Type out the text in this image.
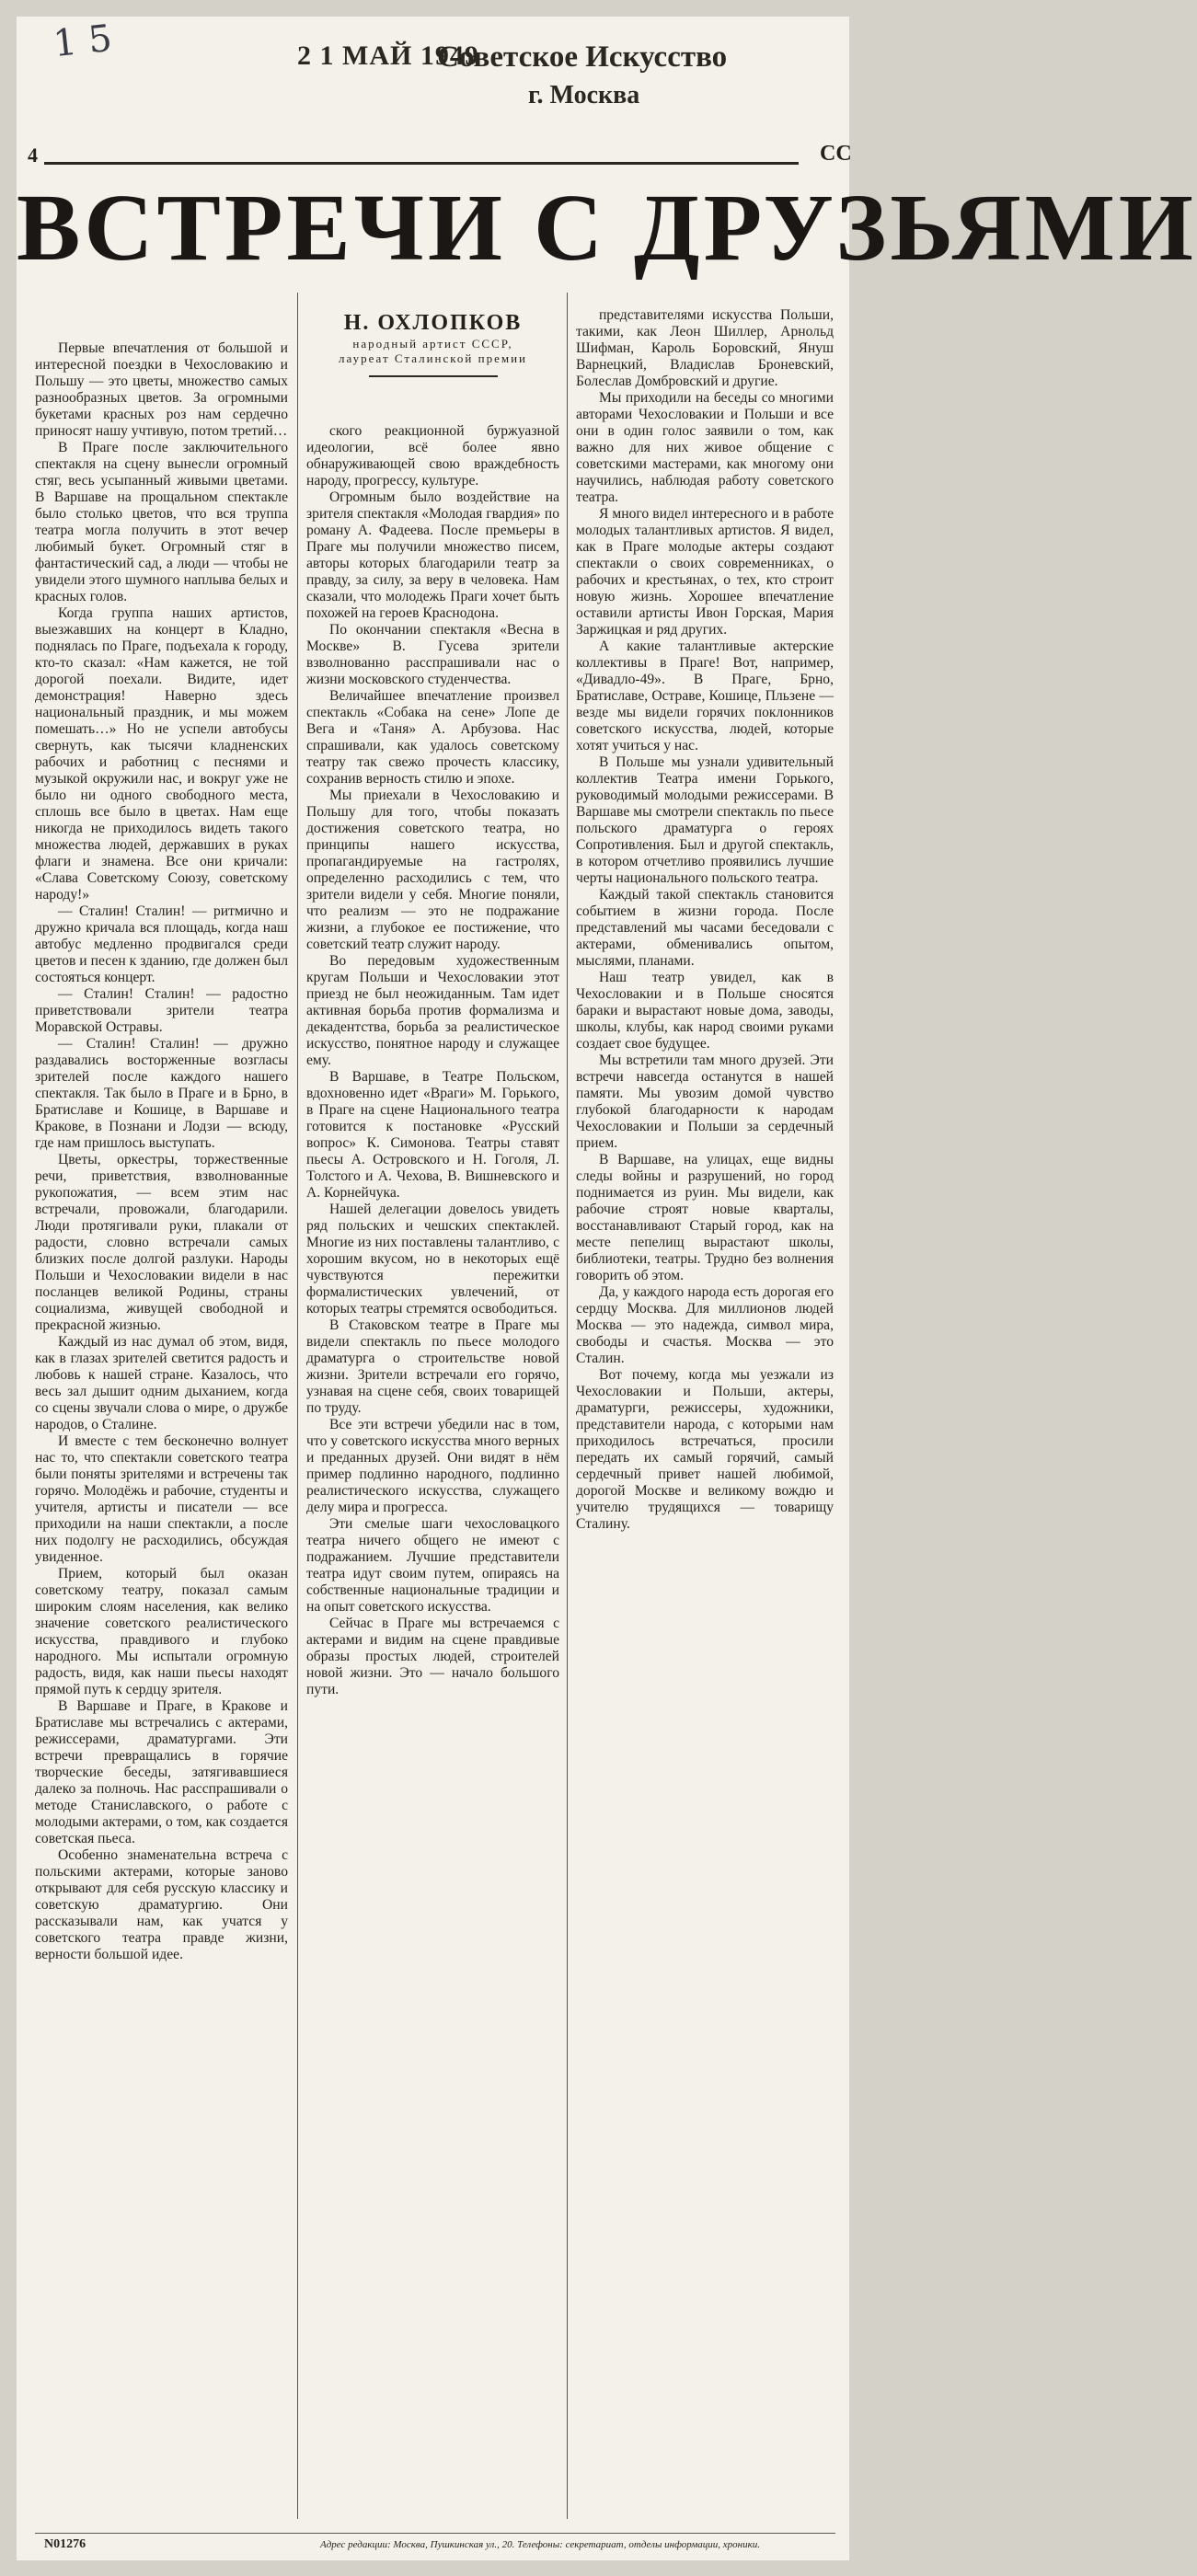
1 5	2 1 МАЙ 1949
Советское Искусство
г. Москва
4	СС
ВСТРЕЧИ С ДРУЗЬЯМИ
Н. ОХЛОПКОВ
народный артист СССР,
лауреат Сталинской премии

Первые впечатления от большой и интересной поездки в Чехословакию и Польшу — это цветы, множество самых разнообразных цветов. За огромными букетами красных роз нам сердечно приносят нашу учтивую, потом третий…

В Праге после заключительного спектакля на сцену вынесли огромный стяг, весь усыпанный живыми цветами. В Варшаве на прощальном спектакле было столько цветов, что вся труппа театра могла получить в этот вечер любимый букет. Огромный стяг в фантастический сад, а люди — чтобы не увидели этого шумного наплыва белых и красных голов.

Когда группа наших артистов, выезжавших на концерт в Кладно, поднялась по Праге, подъехала к городу, кто-то сказал: «Нам кажется, не той дорогой поехали. Видите, идет демонстрация! Наверно здесь национальный праздник, и мы можем помешать…» Но не успели автобусы свернуть, как тысячи кладненских рабочих и работниц с песнями и музыкой окружили нас, и вокруг уже не было ни одного свободного места, сплошь все было в цветах. Нам еще никогда не приходилось видеть такого множества людей, державших в руках флаги и знамена. Все они кричали: «Слава Советскому Союзу, советскому народу!»

— Сталин! Сталин! — ритмично и дружно кричала вся площадь, когда наш автобус медленно продвигался среди цветов и песен к зданию, где должен был состояться концерт.

— Сталин! Сталин! — радостно приветствовали зрители театра Моравской Остравы.

— Сталин! Сталин! — дружно раздавались восторженные возгласы зрителей после каждого нашего спектакля. Так было в Праге и в Брно, в Братиславе и Кошице, в Варшаве и Кракове, в Познани и Лодзи — всюду, где нам пришлось выступать.

Цветы, оркестры, торжественные речи, приветствия, взволнованные рукопожатия, — всем этим нас встречали, провожали, благодарили. Люди протягивали руки, плакали от радости, словно встречали самых близких после долгой разлуки. Народы Польши и Чехословакии видели в нас посланцев великой Родины, страны социализма, живущей свободной и прекрасной жизнью.

Каждый из нас думал об этом, видя, как в глазах зрителей светится радость и любовь к нашей стране. Казалось, что весь зал дышит одним дыханием, когда со сцены звучали слова о мире, о дружбе народов, о Сталине.

И вместе с тем бесконечно волнует нас то, что спектакли советского театра были поняты зрителями и встречены так горячо. Молодёжь и рабочие, студенты и учителя, артисты и писатели — все приходили на наши спектакли, а после них подолгу не расходились, обсуждая увиденное.

Прием, который был оказан советскому театру, показал самым широким слоям населения, как велико значение советского реалистического искусства, правдивого и глубоко народного. Мы испытали огромную радость, видя, как наши пьесы находят прямой путь к сердцу зрителя.

В Варшаве и Праге, в Кракове и Братиславе мы встречались с актерами, режиссерами, драматургами. Эти встречи превращались в горячие творческие беседы, затягивавшиеся далеко за полночь. Нас расспрашивали о методе Станиславского, о работе с молодыми актерами, о том, как создается советская пьеса.

Особенно знаменательна встреча с польскими актерами, которые заново открывают для себя русскую классику и советскую драматургию. Они рассказывали нам, как учатся у советского театра правде жизни, верности большой идее.

ского реакционной буржуазной идеологии, всё более явно обнаруживающей свою враждебность народу, прогрессу, культуре.

Огромным было воздействие на зрителя спектакля «Молодая гвардия» по роману А. Фадеева. После премьеры в Праге мы получили множество писем, авторы которых благодарили театр за правду, за силу, за веру в человека. Нам сказали, что молодежь Праги хочет быть похожей на героев Краснодона.

По окончании спектакля «Весна в Москве» В. Гусева зрители взволнованно расспрашивали нас о жизни московского студенчества.

Величайшее впечатление произвел спектакль «Собака на сене» Лопе де Вега и «Таня» А. Арбузова. Нас спрашивали, как удалось советскому театру так свежо прочесть классику, сохранив верность стилю и эпохе.

Мы приехали в Чехословакию и Польшу для того, чтобы показать достижения советского театра, но принципы нашего искусства, пропагандируемые на гастролях, определенно расходились с тем, что зрители видели у себя. Многие поняли, что реализм — это не подражание жизни, а глубокое ее постижение, что советский театр служит народу.

Во передовым художественным кругам Польши и Чехословакии этот приезд не был неожиданным. Там идет активная борьба против формализма и декадентства, борьба за реалистическое искусство, понятное народу и служащее ему.

В Варшаве, в Театре Польском, вдохновенно идет «Враги» М. Горького, в Праге на сцене Национального театра готовится к постановке «Русский вопрос» К. Симонова. Театры ставят пьесы А. Островского и Н. Гоголя, Л. Толстого и А. Чехова, В. Вишневского и А. Корнейчука.

Нашей делегации довелось увидеть ряд польских и чешских спектаклей. Многие из них поставлены талантливо, с хорошим вкусом, но в некоторых ещё чувствуются пережитки формалистических увлечений, от которых театры стремятся освободиться.

В Стаковском театре в Праге мы видели спектакль по пьесе молодого драматурга о строительстве новой жизни. Зрители встречали его горячо, узнавая на сцене себя, своих товарищей по труду.

Все эти встречи убедили нас в том, что у советского искусства много верных и преданных друзей. Они видят в нём пример подлинно народного, подлинно реалистического искусства, служащего делу мира и прогресса.

Эти смелые шаги чехословацкого театра ничего общего не имеют с подражанием. Лучшие представители театра идут своим путем, опираясь на собственные национальные традиции и на опыт советского искусства.

Сейчас в Праге мы встречаемся с актерами и видим на сцене правдивые образы простых людей, строителей новой жизни. Это — начало большого пути.

представителями искусства Польши, такими, как Леон Шиллер, Арнольд Шифман, Кароль Боровский, Януш Варнецкий, Владислав Броневский, Болеслав Домбровский и другие.

Мы приходили на беседы со многими авторами Чехословакии и Польши и все они в один голос заявили о том, как важно для них живое общение с советскими мастерами, как многому они научились, наблюдая работу советского театра.

Я много видел интересного и в работе молодых талантливых артистов. Я видел, как в Праге молодые актеры создают спектакли о своих современниках, о рабочих и крестьянах, о тех, кто строит новую жизнь. Хорошее впечатление оставили артисты Ивон Горская, Мария Заржицкая и ряд других.

А какие талантливые актерские коллективы в Праге! Вот, например, «Дивадло-49». В Праге, Брно, Братиславе, Остраве, Кошице, Пльзене — везде мы видели горячих поклонников советского искусства, людей, которые хотят учиться у нас.

В Польше мы узнали удивительный коллектив Театра имени Горького, руководимый молодыми режиссерами. В Варшаве мы смотрели спектакль по пьесе польского драматурга о героях Сопротивления. Был и другой спектакль, в котором отчетливо проявились лучшие черты национального польского театра.

Каждый такой спектакль становится событием в жизни города. После представлений мы часами беседовали с актерами, обменивались опытом, мыслями, планами.

Наш театр увидел, как в Чехословакии и в Польше сносятся бараки и вырастают новые дома, заводы, школы, клубы, как народ своими руками создает свое будущее.

Мы встретили там много друзей. Эти встречи навсегда останутся в нашей памяти. Мы увозим домой чувство глубокой благодарности к народам Чехословакии и Польши за сердечный прием.

В Варшаве, на улицах, еще видны следы войны и разрушений, но город поднимается из руин. Мы видели, как рабочие строят новые кварталы, восстанавливают Старый город, как на месте пепелищ вырастают школы, библиотеки, театры. Трудно без волнения говорить об этом.

Да, у каждого народа есть дорогая его сердцу Москва. Для миллионов людей Москва — это надежда, символ мира, свободы и счастья. Москва — это Сталин.

Вот почему, когда мы уезжали из Чехословакии и Польши, актеры, драматурги, режиссеры, художники, представители народа, с которыми нам приходилось встречаться, просили передать их самый горячий, самый сердечный привет нашей любимой, дорогой Москве и великому вождю и учителю трудящихся — товарищу Сталину.

N01276	Адрес редакции: Москва, Пушкинская ул., 20. Телефоны: секретариат, отделы информации, хроники.
